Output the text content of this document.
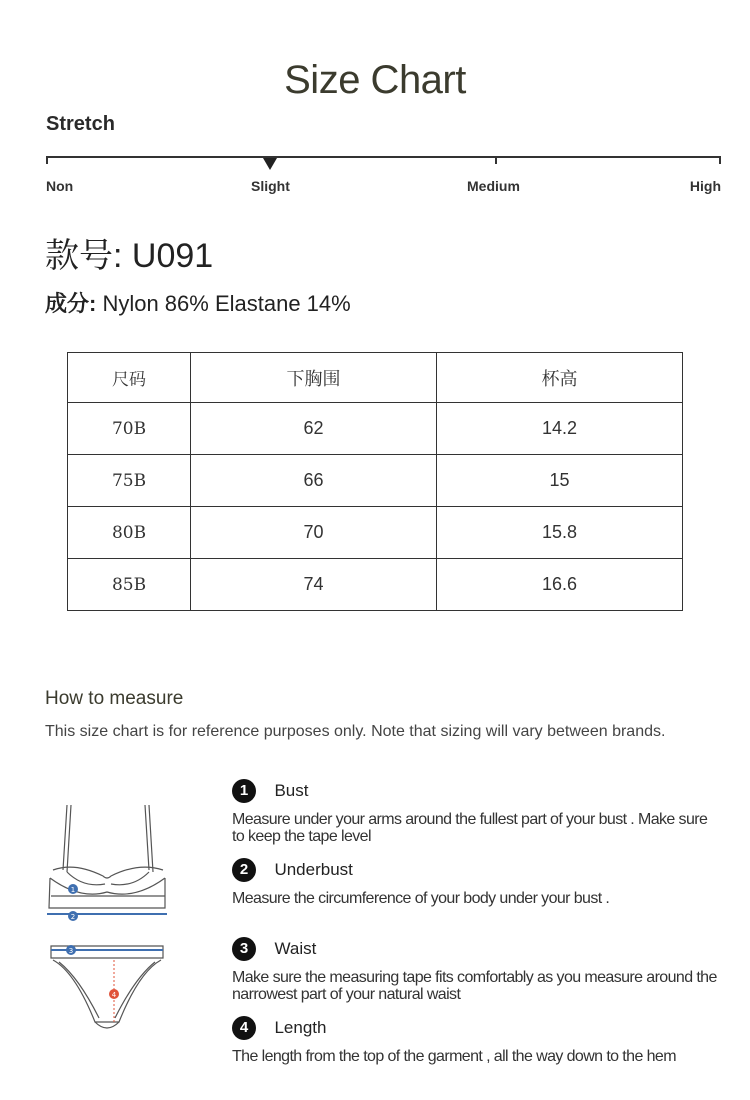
Size Chart
Stretch
Non	Slight	Medium	High
款号: U091
成分: Nylon 86% Elastane 14%
尺码	下胸围	杯高
70B	62	14.2
75B	66	15
80B	70	15.8
85B	74	16.6
How to measure
This size chart is for reference purposes only. Note that sizing will vary between brands.
1
2
3
4
1 Bust
Measure under your arms around the fullest part of your bust . Make sure to keep the tape level
2 Underbust
Measure the circumference of your body under your bust .
3 Waist
Make sure the measuring tape fits comfortably as you measure around the narrowest part of your natural waist
4 Length
The length from the top of the garment , all the way down to the hem
